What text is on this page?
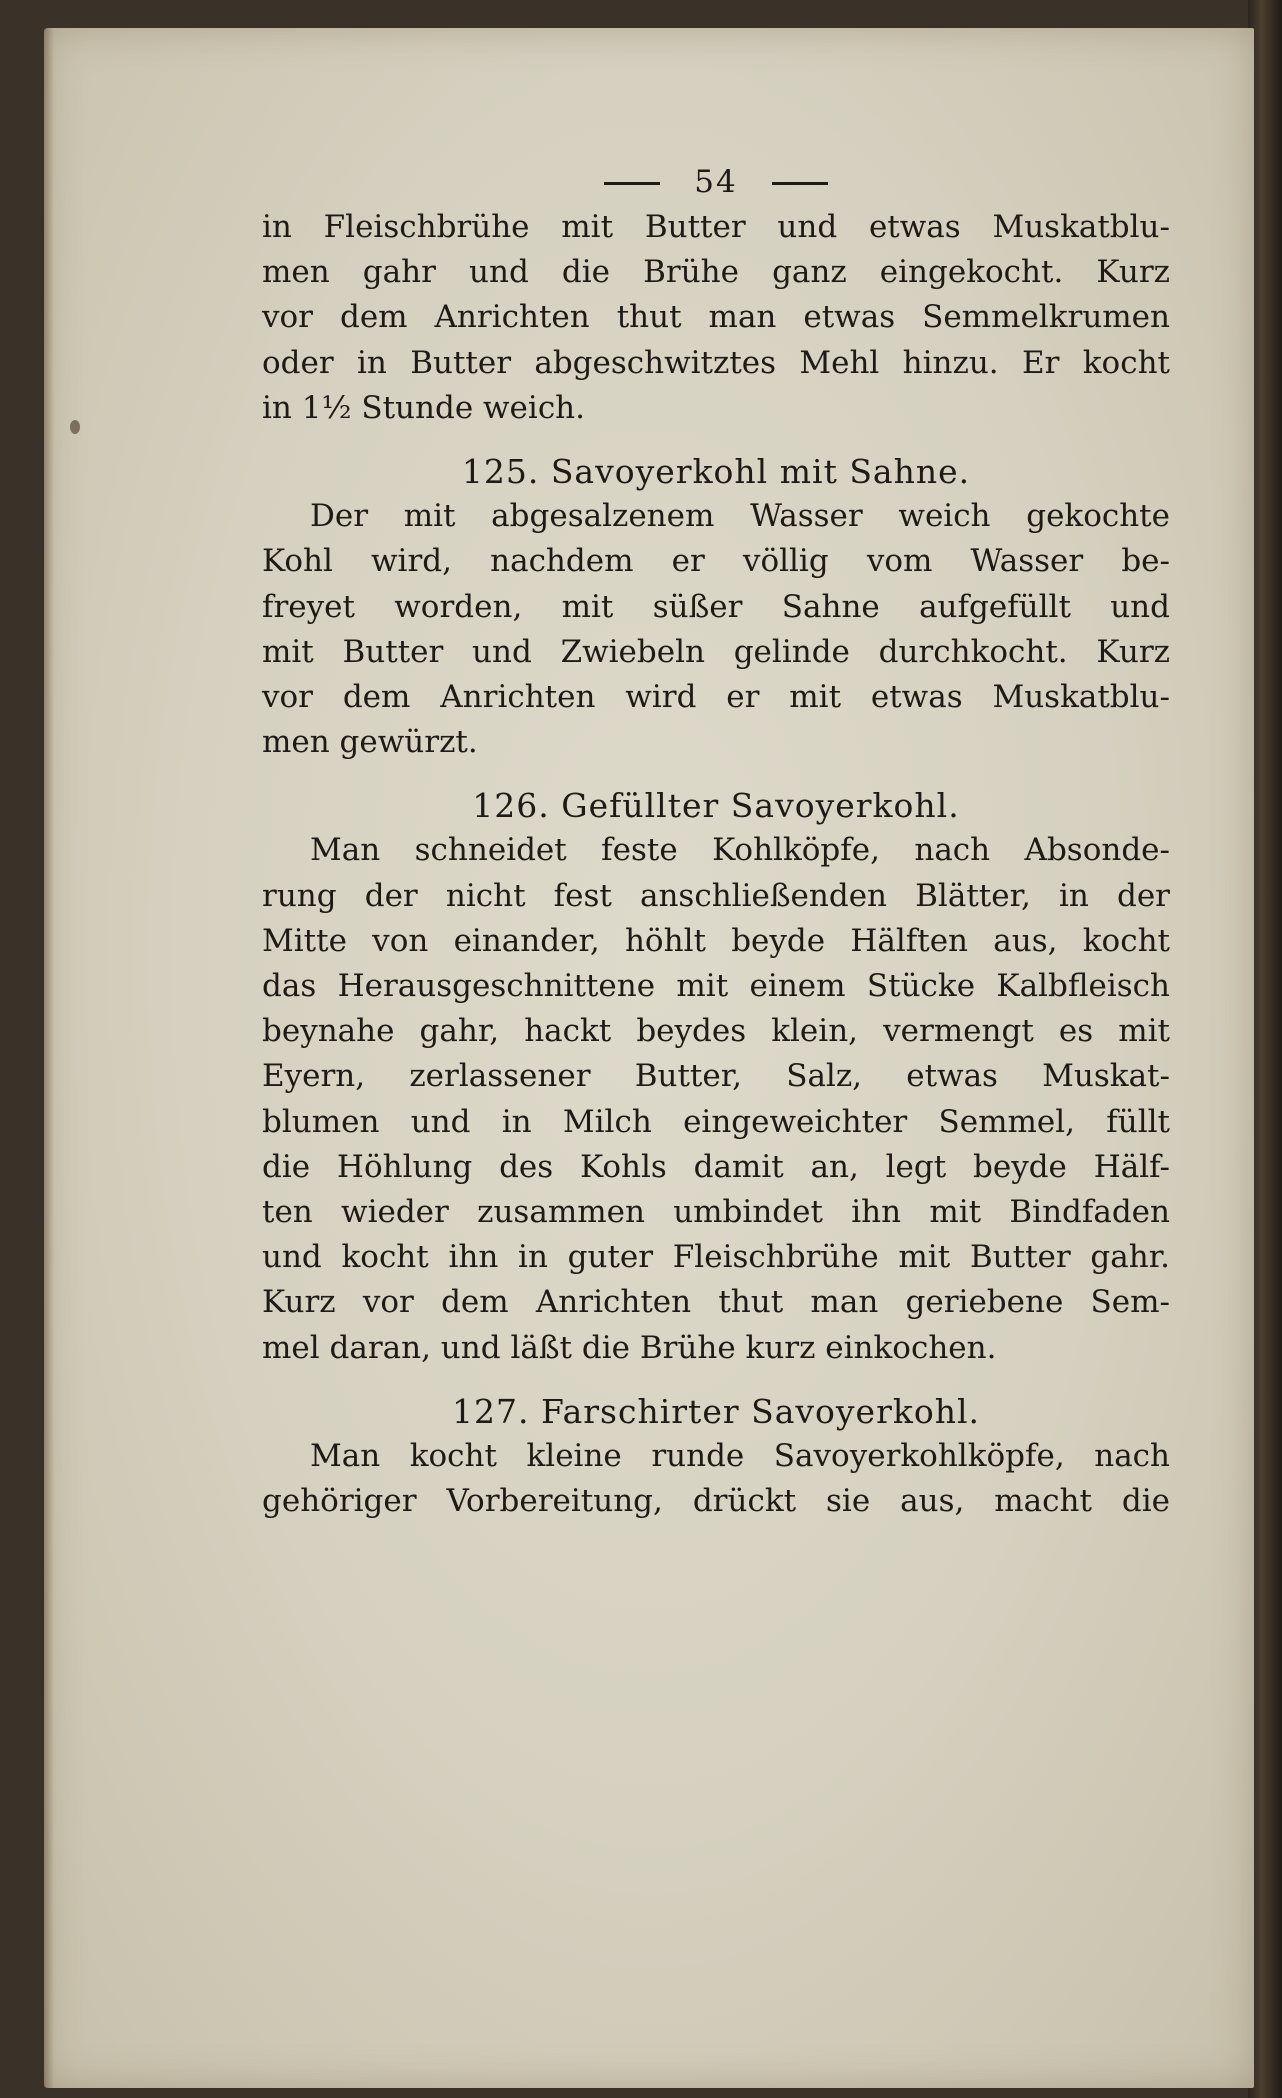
54
in Fleischbrühe mit Butter und etwas Muskatblu-
men gahr und die Brühe ganz eingekocht. Kurz
vor dem Anrichten thut man etwas Semmelkrumen
oder in Butter abgeschwitztes Mehl hinzu. Er kocht
in 1½ Stunde weich.
125. Savoyerkohl mit Sahne.
Der mit abgesalzenem Wasser weich gekochte
Kohl wird, nachdem er völlig vom Wasser be-
freyet worden, mit süßer Sahne aufgefüllt und
mit Butter und Zwiebeln gelinde durchkocht. Kurz
vor dem Anrichten wird er mit etwas Muskatblu-
men gewürzt.
126. Gefüllter Savoyerkohl.
Man schneidet feste Kohlköpfe, nach Absonde-
rung der nicht fest anschließenden Blätter, in der
Mitte von einander, höhlt beyde Hälften aus, kocht
das Herausgeschnittene mit einem Stücke Kalbfleisch
beynahe gahr, hackt beydes klein, vermengt es mit
Eyern, zerlassener Butter, Salz, etwas Muskat-
blumen und in Milch eingeweichter Semmel, füllt
die Höhlung des Kohls damit an, legt beyde Hälf-
ten wieder zusammen umbindet ihn mit Bindfaden
und kocht ihn in guter Fleischbrühe mit Butter gahr.
Kurz vor dem Anrichten thut man geriebene Sem-
mel daran, und läßt die Brühe kurz einkochen.
127. Farschirter Savoyerkohl.
Man kocht kleine runde Savoyerkohlköpfe, nach
gehöriger Vorbereitung, drückt sie aus, macht die
